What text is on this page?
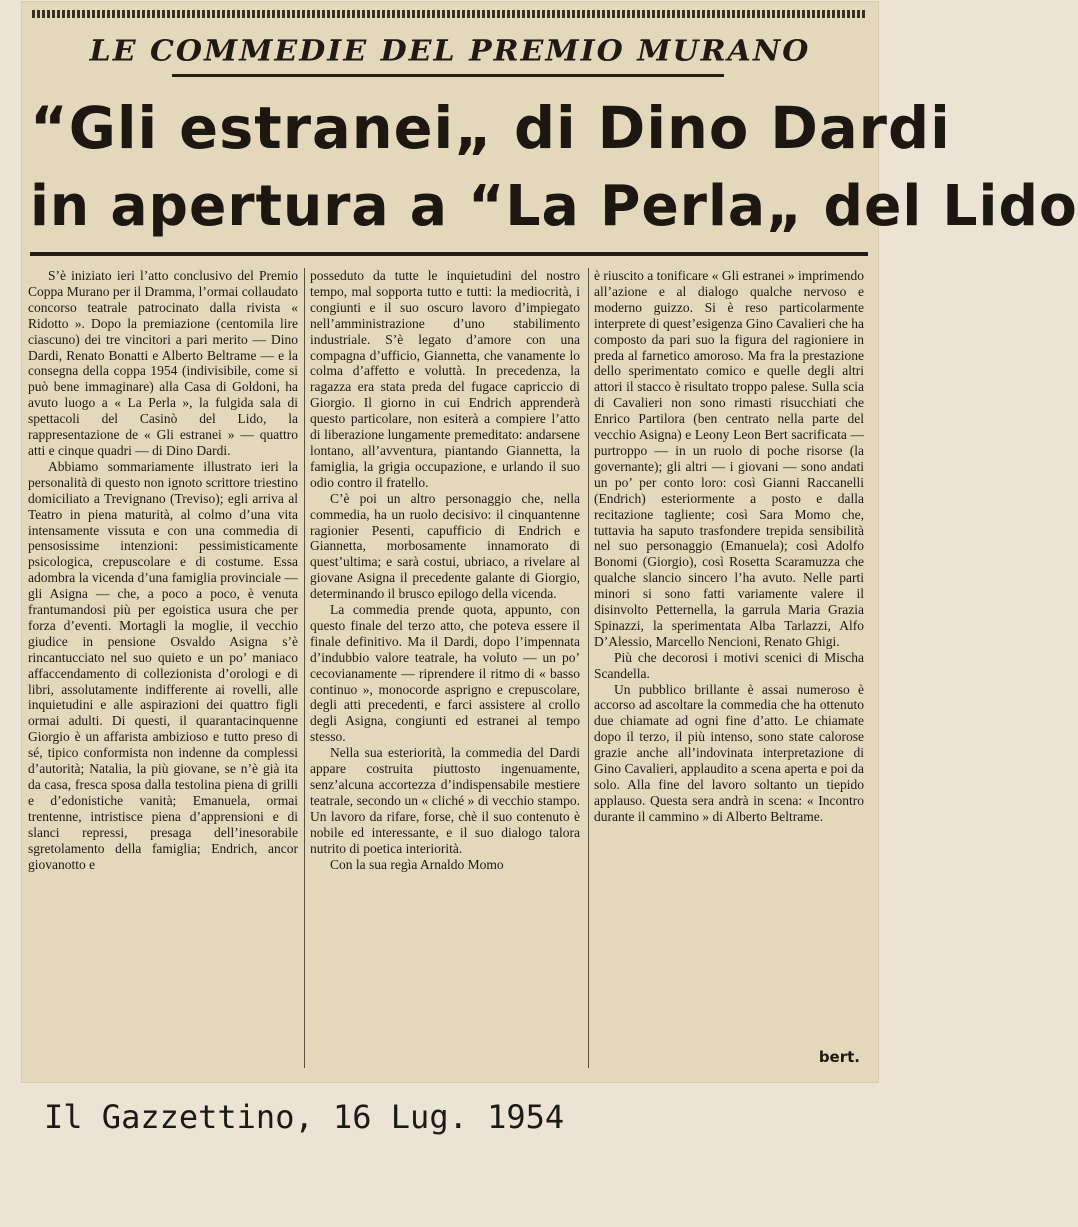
LE COMMEDIE DEL PREMIO MURANO
“Gli estranei„ di Dino Dardi
in apertura a “La Perla„ del Lido

S’è iniziato ieri l’atto conclusivo del Premio Coppa Murano per il Dramma, l’ormai collaudato concorso teatrale patrocinato dalla rivista « Ridotto ». Dopo la premiazione (centomila lire ciascuno) dei tre vincitori a pari merito — Dino Dardi, Renato Bonatti e Alberto Beltrame — e la consegna della coppa 1954 (indivisibile, come si può bene immaginare) alla Casa di Goldoni, ha avuto luogo a « La Perla », la fulgida sala di spettacoli del Casinò del Lido, la rappresentazione de « Gli estranei » — quattro atti e cinque quadri — di Dino Dardi.

Abbiamo sommariamente illustrato ieri la personalità di questo non ignoto scrittore triestino domiciliato a Trevignano (Treviso); egli arriva al Teatro in piena maturità, al colmo d’una vita intensamente vissuta e con una commedia di pensosissime intenzioni: pessimisticamente psicologica, crepuscolare e di costume. Essa adombra la vicenda d’una famiglia provinciale — gli Asigna — che, a poco a poco, è venuta frantumandosi più per egoistica usura che per forza d’eventi. Mortagli la moglie, il vecchio giudice in pensione Osvaldo Asigna s’è rincantucciato nel suo quieto e un po’ maniaco affaccendamento di collezionista d’orologi e di libri, assolutamente indifferente ai rovelli, alle inquietudini e alle aspirazioni dei quattro figli ormai adulti. Di questi, il quarantacinquenne Giorgio è un affarista ambizioso e tutto preso di sé, tipico conformista non indenne da complessi d’autorità; Natalia, la più giovane, se n’è già ita da casa, fresca sposa dalla testolina piena di grilli e d’edonistiche vanità; Emanuela, ormai trentenne, intristisce piena d’apprensioni e di slanci repressi, presaga dell’inesorabile sgretolamento della famiglia; Endrich, ancor giovanotto e

posseduto da tutte le inquietudini del nostro tempo, mal sopporta tutto e tutti: la mediocrità, i congiunti e il suo oscuro lavoro d’impiegato nell’amministrazione d’uno stabilimento industriale. S’è legato d’amore con una compagna d’ufficio, Giannetta, che vanamente lo colma d’affetto e voluttà. In precedenza, la ragazza era stata preda del fugace capriccio di Giorgio. Il giorno in cui Endrich apprenderà questo particolare, non esiterà a compiere l’atto di liberazione lungamente premeditato: andarsene lontano, all’avventura, piantando Giannetta, la famiglia, la grigia occupazione, e urlando il suo odio contro il fratello.

C’è poi un altro personaggio che, nella commedia, ha un ruolo decisivo: il cinquantenne ragionier Pesenti, capufficio di Endrich e Giannetta, morbosamente innamorato di quest’ultima; e sarà costui, ubriaco, a rivelare al giovane Asigna il precedente galante di Giorgio, determinando il brusco epilogo della vicenda.

La commedia prende quota, appunto, con questo finale del terzo atto, che poteva essere il finale definitivo. Ma il Dardi, dopo l’impennata d’indubbio valore teatrale, ha voluto — un po’ cecovianamente — riprendere il ritmo di « basso continuo », monocorde asprigno e crepuscolare, degli atti precedenti, e farci assistere al crollo degli Asigna, congiunti ed estranei al tempo stesso.

Nella sua esteriorità, la commedia del Dardi appare costruita piuttosto ingenuamente, senz’alcuna accortezza d’indispensabile mestiere teatrale, secondo un « cliché » di vecchio stampo. Un lavoro da rifare, forse, chè il suo contenuto è nobile ed interessante, e il suo dialogo talora nutrito di poetica interiorità.

Con la sua regìa Arnaldo Momo

è riuscito a tonificare « Gli estranei » imprimendo all’azione e al dialogo qualche nervoso e moderno guizzo. Si è reso particolarmente interprete di quest’esigenza Gino Cavalieri che ha composto da pari suo la figura del ragioniere in preda al farnetico amoroso. Ma fra la prestazione dello sperimentato comico e quelle degli altri attori il stacco è risultato troppo palese. Sulla scia di Cavalieri non sono rimasti risucchiati che Enrico Partilora (ben centrato nella parte del vecchio Asigna) e Leony Leon Bert sacrificata — purtroppo — in un ruolo di poche risorse (la governante); gli altri — i giovani — sono andati un po’ per conto loro: così Gianni Raccanelli (Endrich) esteriormente a posto e dalla recitazione tagliente; così Sara Momo che, tuttavia ha saputo trasfondere trepida sensibilità nel suo personaggio (Emanuela); così Adolfo Bonomi (Giorgio), così Rosetta Scaramuzza che qualche slancio sincero l’ha avuto. Nelle parti minori si sono fatti variamente valere il disinvolto Petternella, la garrula Maria Grazia Spinazzi, la sperimentata Alba Tarlazzi, Alfo D’Alessio, Marcello Nencioni, Renato Ghigi.

Più che decorosi i motivi scenici di Mischa Scandella.

Un pubblico brillante è assai numeroso è accorso ad ascoltare la commedia che ha ottenuto due chiamate ad ogni fine d’atto. Le chiamate dopo il terzo, il più intenso, sono state calorose grazie anche all’indovinata interpretazione di Gino Cavalieri, applaudito a scena aperta e poi da solo. Alla fine del lavoro soltanto un tiepido applauso. Questa sera andrà in scena: « Incontro durante il cammino » di Alberto Beltrame.

bert.
Il Gazzettino, 16 Lug. 1954
